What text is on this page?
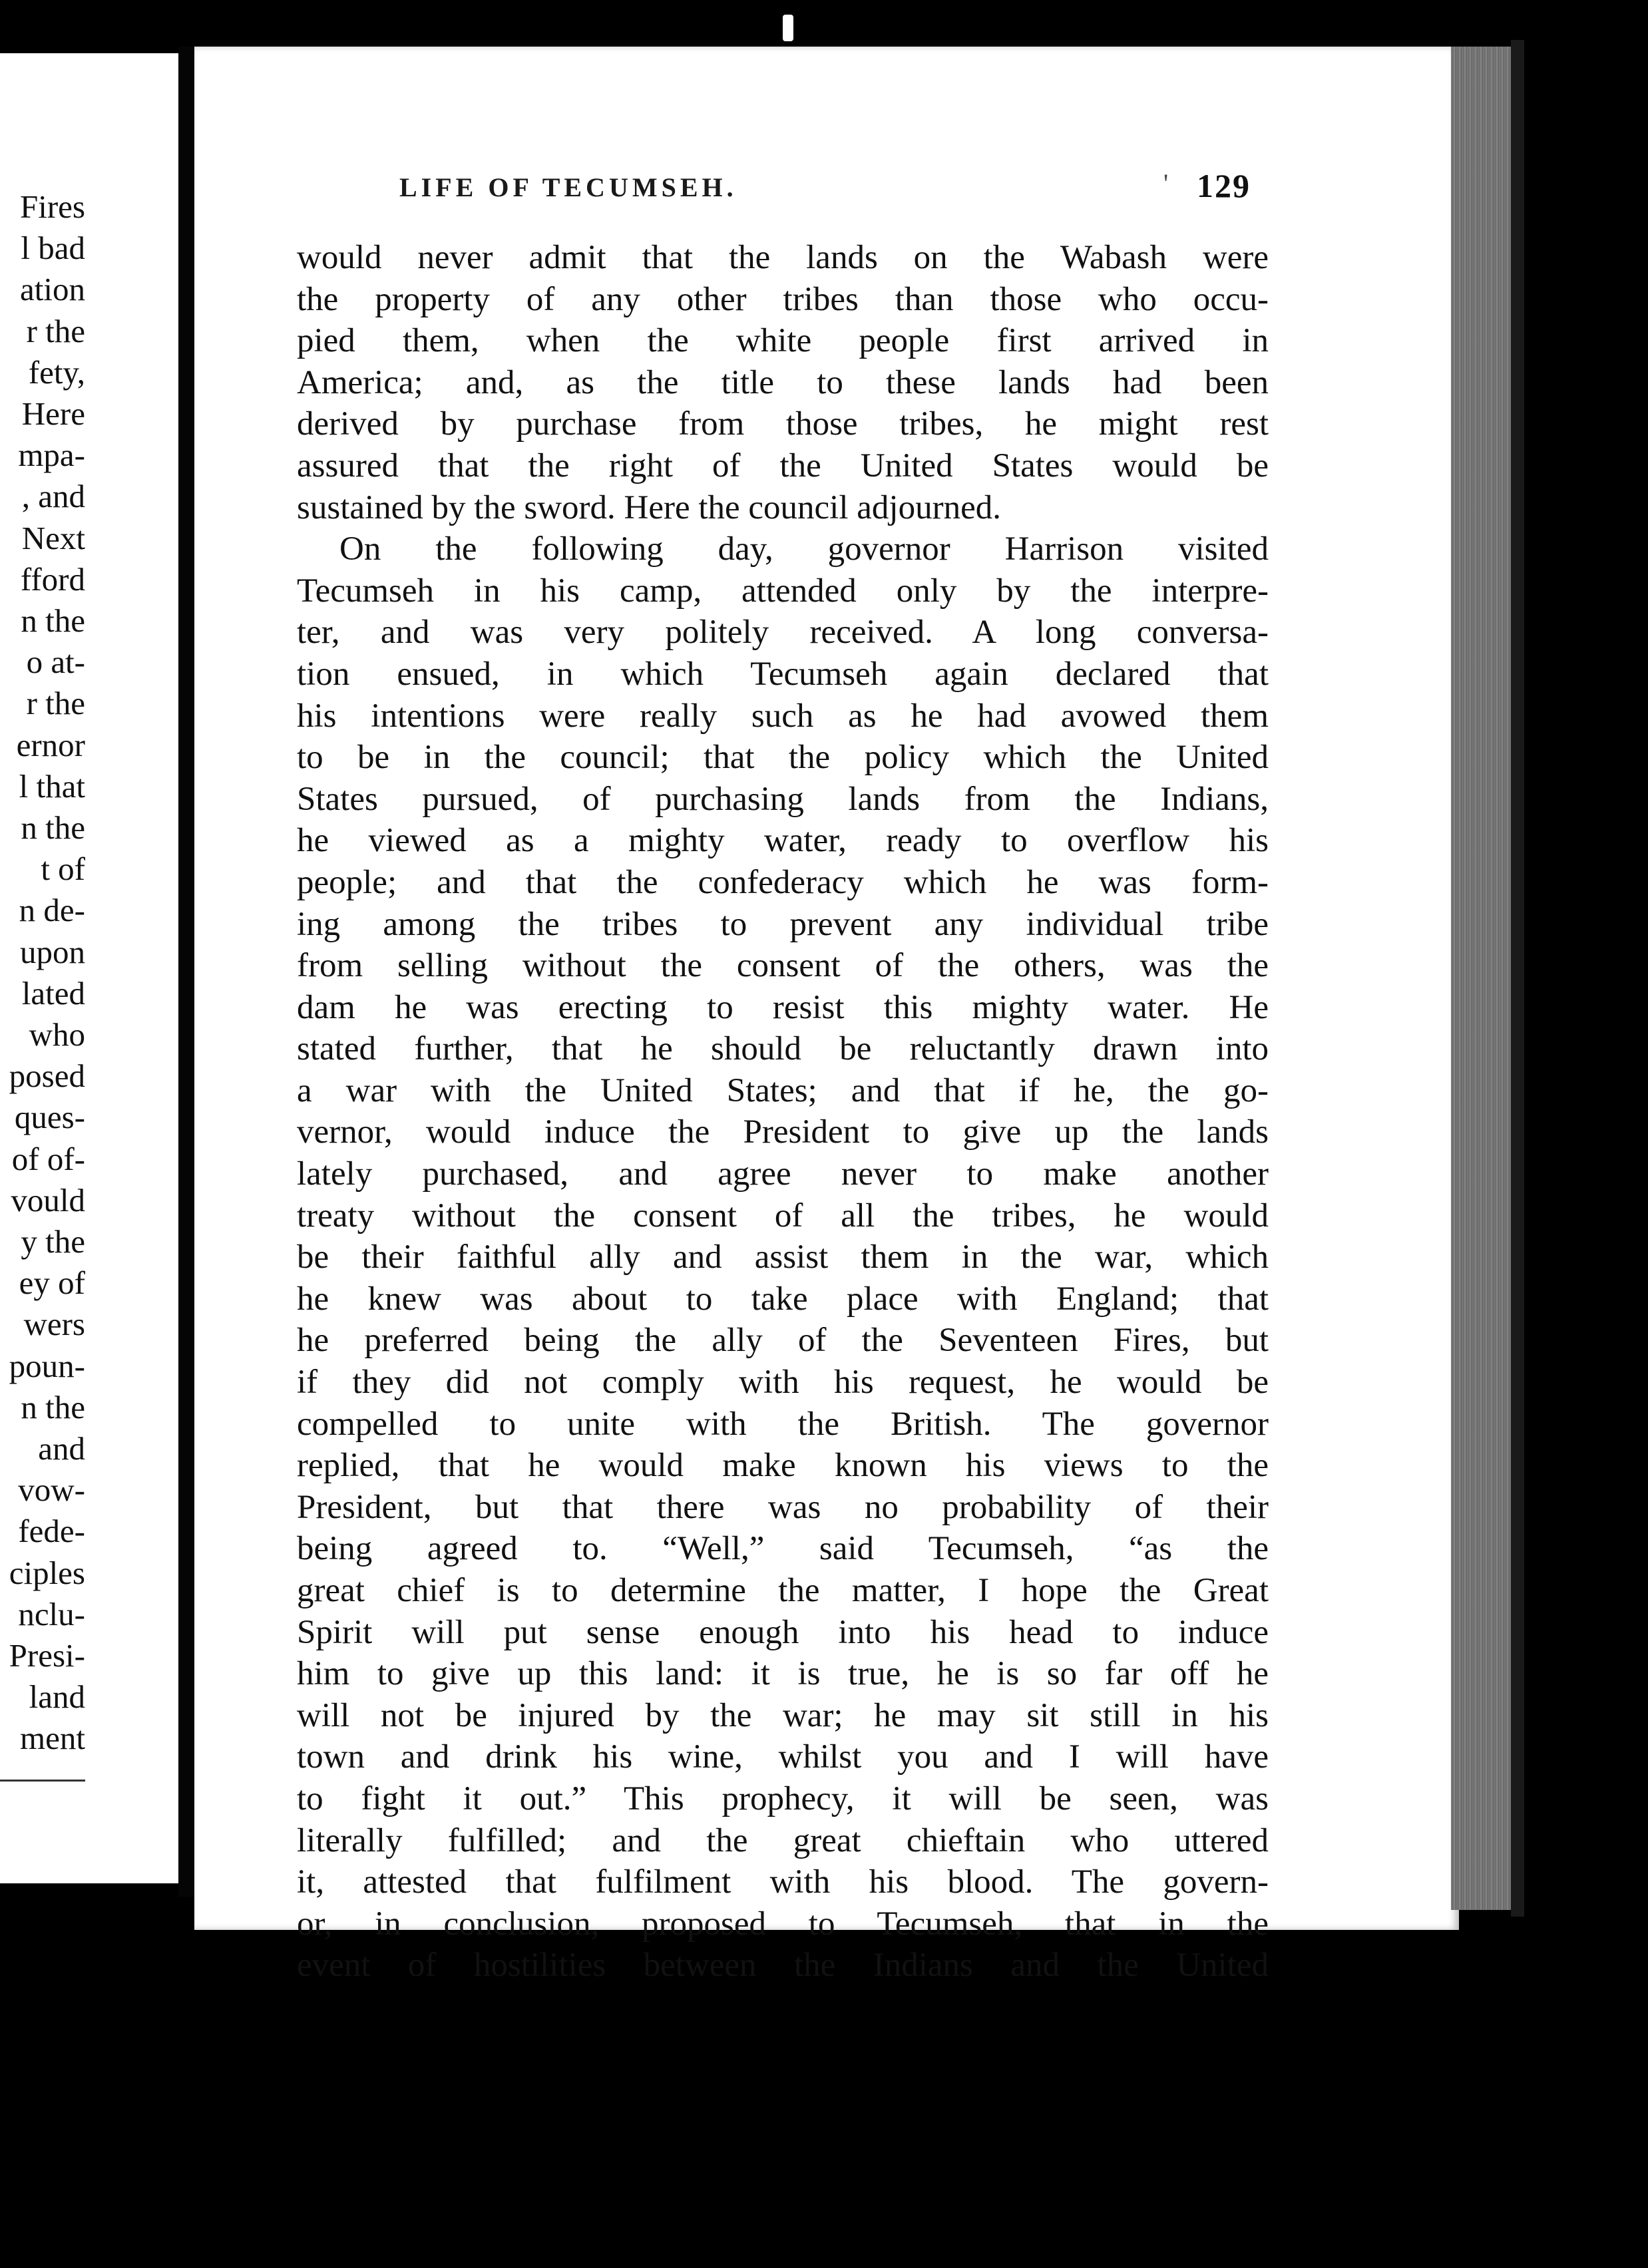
Fires
l bad
ation
r the
fety,
Here
mpa-
, and
Next
fford
n the
o at-
r the
ernor
l that
n the
t of
n de-
upon
lated
who
posed
ques-
of of-
vould
y the
ey of
wers
poun-
n the
and
vow-
fede-
ciples
nclu-
Presi-
land
ment
LIFE OF TECUMSEH.	' 129
would never admit that the lands on the Wabash were
the property of any other tribes than those who occu-
pied them, when the white people first arrived in
America; and, as the title to these lands had been
derived by purchase from those tribes, he might rest
assured that the right of the United States would be
sustained by the sword. Here the council adjourned.
On the following day, governor Harrison visited
Tecumseh in his camp, attended only by the interpre-
ter, and was very politely received. A long conversa-
tion ensued, in which Tecumseh again declared that
his intentions were really such as he had avowed them
to be in the council; that the policy which the United
States pursued, of purchasing lands from the Indians,
he viewed as a mighty water, ready to overflow his
people; and that the confederacy which he was form-
ing among the tribes to prevent any individual tribe
from selling without the consent of the others, was the
dam he was erecting to resist this mighty water. He
stated further, that he should be reluctantly drawn into
a war with the United States; and that if he, the go-
vernor, would induce the President to give up the lands
lately purchased, and agree never to make another
treaty without the consent of all the tribes, he would
be their faithful ally and assist them in the war, which
he knew was about to take place with England; that
he preferred being the ally of the Seventeen Fires, but
if they did not comply with his request, he would be
compelled to unite with the British. The governor
replied, that he would make known his views to the
President, but that there was no probability of their
being agreed to. “Well,” said Tecumseh, “as the
great chief is to determine the matter, I hope the Great
Spirit will put sense enough into his head to induce
him to give up this land: it is true, he is so far off he
will not be injured by the war; he may sit still in his
town and drink his wine, whilst you and I will have
to fight it out.” This prophecy, it will be seen, was
literally fulfilled; and the great chieftain who uttered
it, attested that fulfilment with his blood. The govern-
or, in conclusion, proposed to Tecumseh, that in the
event of hostilities between the Indians and the United
